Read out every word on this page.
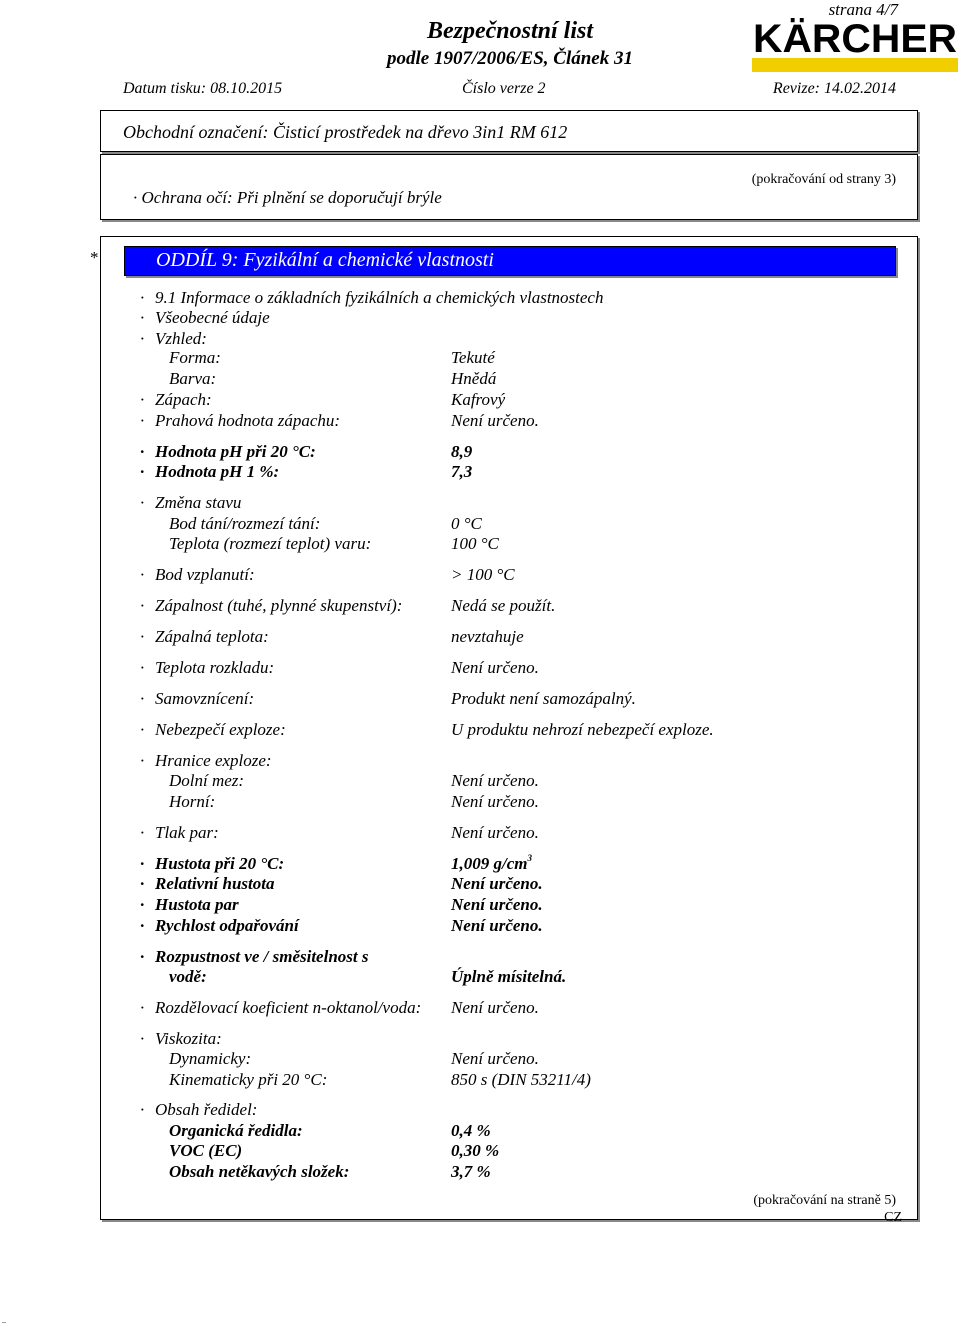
strana 4/7
Bezpečnostní list
podle 1907/2006/ES, Článek 31	KÄRCHER
Datum tisku: 08.10.2015	Číslo verze 2	Revize: 14.02.2014
Obchodní označení: Čisticí prostředek na dřevo 3in1 RM 612
(pokračování od strany 3)
· Ochrana očí: Při plnění se doporučují brýle
*	ODDÍL 9: Fyzikální a chemické vlastnosti
· 9.1 Informace o základních fyzikálních a chemických vlastnostech
· Všeobecné údaje
· Vzhled:
Forma:	Tekuté
Barva:	Hnědá
· Zápach:	Kafrový
· Prahová hodnota zápachu:	Není určeno.
· Hodnota pH při 20 °C:	8,9
· Hodnota pH 1 %:	7,3
· Změna stavu
Bod tání/rozmezí tání:	0 °C
Teplota (rozmezí teplot) varu:	100 °C
· Bod vzplanutí:	> 100 °C
· Zápalnost (tuhé, plynné skupenství):	Nedá se použít.
· Zápalná teplota:	nevztahuje
· Teplota rozkladu:	Není určeno.
· Samovznícení:	Produkt není samozápalný.
· Nebezpečí exploze:	U produktu nehrozí nebezpečí exploze.
· Hranice exploze:
Dolní mez:	Není určeno.
Horní:	Není určeno.
· Tlak par:	Není určeno.
· Hustota při 20 °C:	1,009 $g/cm^3$
· Relativní hustota	Není určeno.
· Hustota par	Není určeno.
· Rychlost odpařování	Není určeno.
· Rozpustnost ve / směsitelnost s
vodě:	Úplně mísitelná.
· Rozdělovací koeficient n-oktanol/voda: Není určeno.
· Viskozita:
Dynamicky:	Není určeno.
Kinematicky při 20 °C:	850 s (DIN 53211/4)
· Obsah ředidel:
Organická ředidla:	0,4 %
VOC (EC)	0,30 %
Obsah netěkavých složek:	3,7 %
(pokračování na straně 5)
CZ
..
